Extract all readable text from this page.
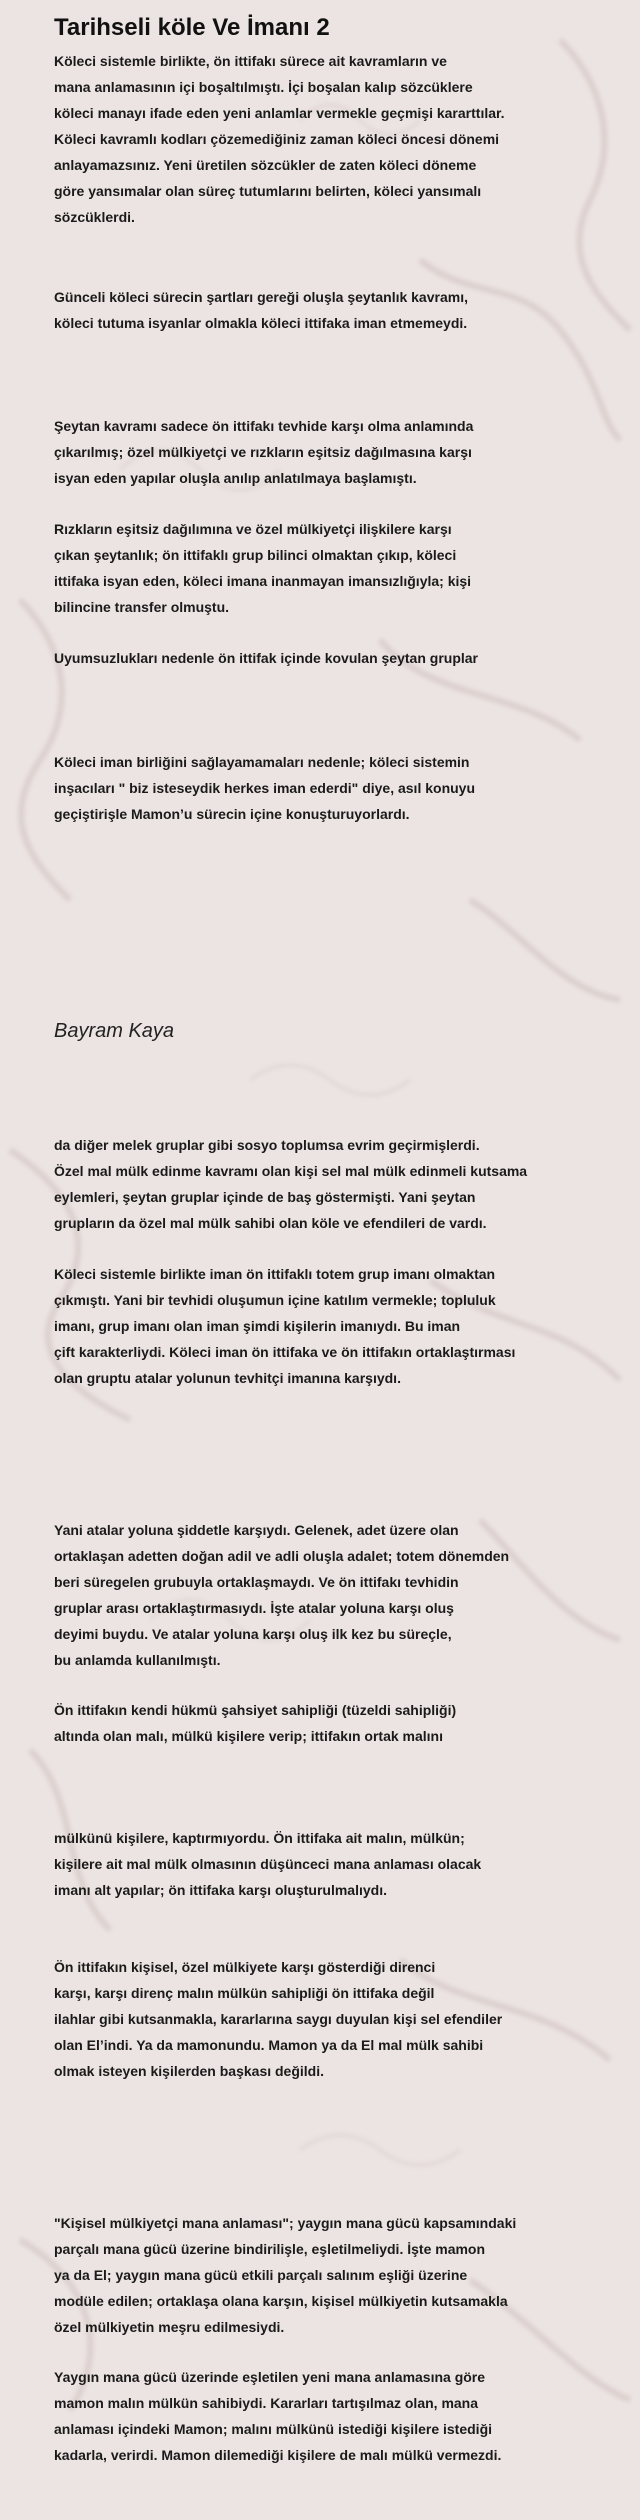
Tarihseli köle Ve İmanı 2
Köleci sistemle birlikte, ön ittifakı sürece ait kavramların ve
mana anlamasının içi boşaltılmıştı. İçi boşalan kalıp sözcüklere
köleci manayı ifade eden yeni anlamlar vermekle geçmişi kararttılar.
Köleci kavramlı kodları çözemediğiniz zaman köleci öncesi dönemi
anlayamazsınız. Yeni üretilen sözcükler de zaten köleci döneme
göre yansımalar olan süreç tutumlarını belirten, köleci yansımalı
sözcüklerdi.
Günceli köleci sürecin şartları gereği oluşla şeytanlık kavramı,
köleci tutuma isyanlar olmakla köleci ittifaka iman etmemeydi.
Şeytan kavramı sadece ön ittifakı tevhide karşı olma anlamında
çıkarılmış; özel mülkiyetçi ve rızkların eşitsiz dağılmasına karşı
isyan eden yapılar oluşla anılıp anlatılmaya başlamıştı.
Rızkların eşitsiz dağılımına ve özel mülkiyetçi ilişkilere karşı
çıkan şeytanlık; ön ittifaklı grup bilinci olmaktan çıkıp, köleci
ittifaka isyan eden, köleci imana inanmayan imansızlığıyla; kişi
bilincine transfer olmuştu.
Uyumsuzlukları nedenle ön ittifak içinde kovulan şeytan gruplar
Köleci iman birliğini sağlayamamaları nedenle; köleci sistemin
inşacıları " biz isteseydik herkes iman ederdi" diye, asıl konuyu
geçiştirişle Mamon’u sürecin içine konuşturuyorlardı.
Bayram Kaya
da diğer melek gruplar gibi sosyo toplumsa evrim geçirmişlerdi.
Özel mal mülk edinme kavramı olan kişi sel mal mülk edinmeli kutsama
eylemleri, şeytan gruplar içinde de baş göstermişti. Yani şeytan
grupların da özel mal mülk sahibi olan köle ve efendileri de vardı.
Köleci sistemle birlikte iman ön ittifaklı totem grup imanı olmaktan
çıkmıştı. Yani bir tevhidi oluşumun içine katılım vermekle; topluluk
imanı, grup imanı olan iman şimdi kişilerin imanıydı. Bu iman
çift karakterliydi. Köleci iman ön ittifaka ve ön ittifakın ortaklaştırması
olan gruptu atalar yolunun tevhitçi imanına karşıydı.
Yani atalar yoluna şiddetle karşıydı. Gelenek, adet üzere olan
ortaklaşan adetten doğan adil ve adli oluşla adalet; totem dönemden
beri süregelen grubuyla ortaklaşmaydı. Ve ön ittifakı tevhidin
gruplar arası ortaklaştırmasıydı. İşte atalar yoluna karşı oluş
deyimi buydu. Ve atalar yoluna karşı oluş ilk kez bu süreçle,
bu anlamda kullanılmıştı.
Ön ittifakın kendi hükmü şahsiyet sahipliği (tüzeldi sahipliği)
altında olan malı, mülkü kişilere verip; ittifakın ortak malını
mülkünü kişilere, kaptırmıyordu. Ön ittifaka ait malın, mülkün;
kişilere ait mal mülk olmasının düşünceci mana anlaması olacak
imanı alt yapılar; ön ittifaka karşı oluşturulmalıydı.
Ön ittifakın kişisel, özel mülkiyete karşı gösterdiği direnci
karşı, karşı direnç malın mülkün sahipliği ön ittifaka değil
ilahlar gibi kutsanmakla, kararlarına saygı duyulan kişi sel efendiler
olan El’indi. Ya da mamonundu. Mamon ya da El mal mülk sahibi
olmak isteyen kişilerden başkası değildi.
"Kişisel mülkiyetçi mana anlaması"; yaygın mana gücü kapsamındaki
parçalı mana gücü üzerine bindirilişle, eşletilmeliydi. İşte mamon
ya da El; yaygın mana gücü etkili parçalı salınım eşliği üzerine
modüle edilen; ortaklaşa olana karşın, kişisel mülkiyetin kutsamakla
özel mülkiyetin meşru edilmesiydi.
Yaygın mana gücü üzerinde eşletilen yeni mana anlamasına göre
mamon malın mülkün sahibiydi. Kararları tartışılmaz olan, mana
anlaması içindeki Mamon; malını mülkünü istediği kişilere istediği
kadarla, verirdi. Mamon dilemediği kişilere de malı mülkü vermezdi.
